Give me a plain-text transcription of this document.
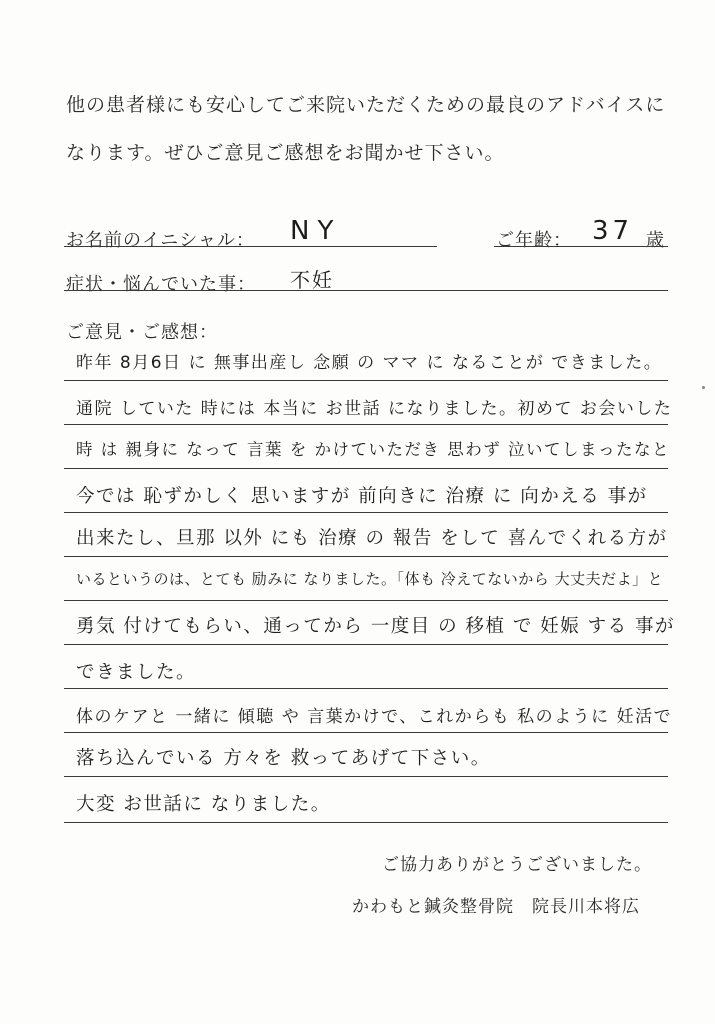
他の患者様にも安心してご来院いただくための最良のアドバイスに
なります。ぜひご意見ご感想をお聞かせ下さい。
お名前のイニシャル： NY	ご年齢： 37 歳
症状・悩んでいた事： 不妊
ご意見・ご感想：
昨年 8月6日 に 無事出産し 念願 の ママ に なることが できました。
通院 していた 時には 本当に お世話 になりました。初めて お会いした
時 は 親身に なって 言葉 を かけていただき 思わず 泣いてしまったなと
今では 恥ずかしく 思いますが 前向きに 治療 に 向かえる 事が
出来たし、旦那 以外 にも 治療 の 報告 をして 喜んでくれる方が
いるというのは、とても 励みに なりました。「体も 冷えてないから 大丈夫だよ」と
勇気 付けてもらい、通ってから 一度目 の 移植 で 妊娠 する 事が
できました。
体のケアと 一緒に 傾聴 や 言葉かけで、これからも 私のように 妊活で
落ち込んでいる 方々を 救ってあげて下さい。
大変 お世話に なりました。
ご協力ありがとうございました。
かわもと鍼灸整骨院　院長川本将広
